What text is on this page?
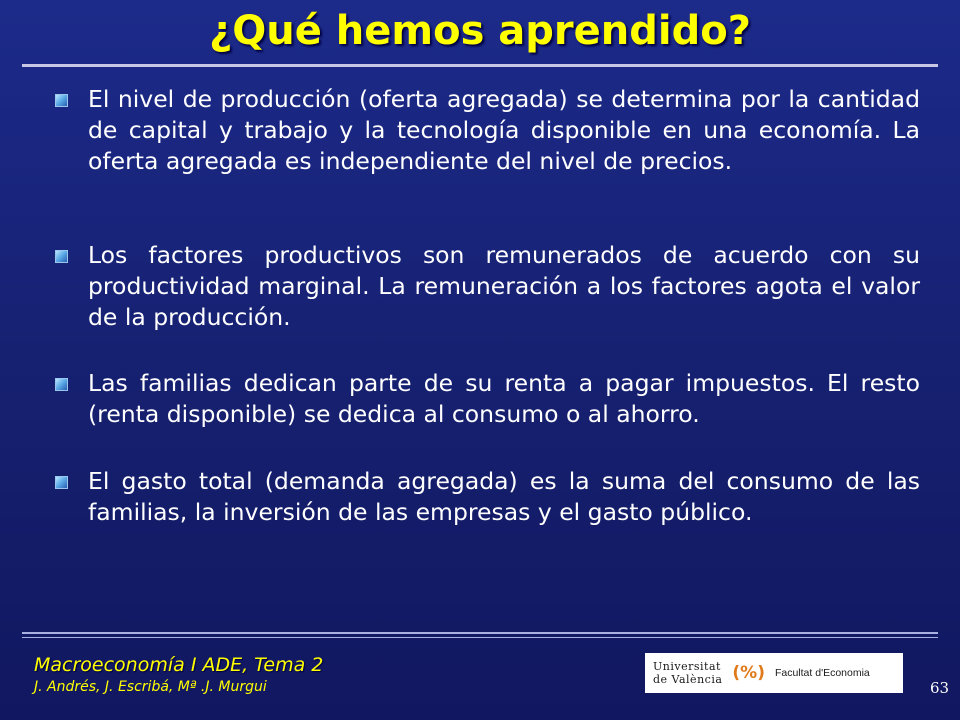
¿Qué hemos aprendido?
El nivel de producción (oferta agregada) se determina por la cantidad de capital y trabajo y la tecnología disponible en una economía. La oferta agregada es independiente del nivel de precios.
Los factores productivos son remunerados de acuerdo con su productividad marginal. La remuneración a los factores agota el valor de la producción.
Las familias dedican parte de su renta a pagar impuestos. El resto (renta disponible) se dedica al consumo o al ahorro.
El gasto total (demanda agregada) es la suma del consumo de las familias, la inversión de las empresas y el gasto público.
Macroeconomía I ADE, Tema 2
J. Andrés, J. Escribá, Mª .J. Murgui
Universitat
de València (%) Facultat d'Economia
63
